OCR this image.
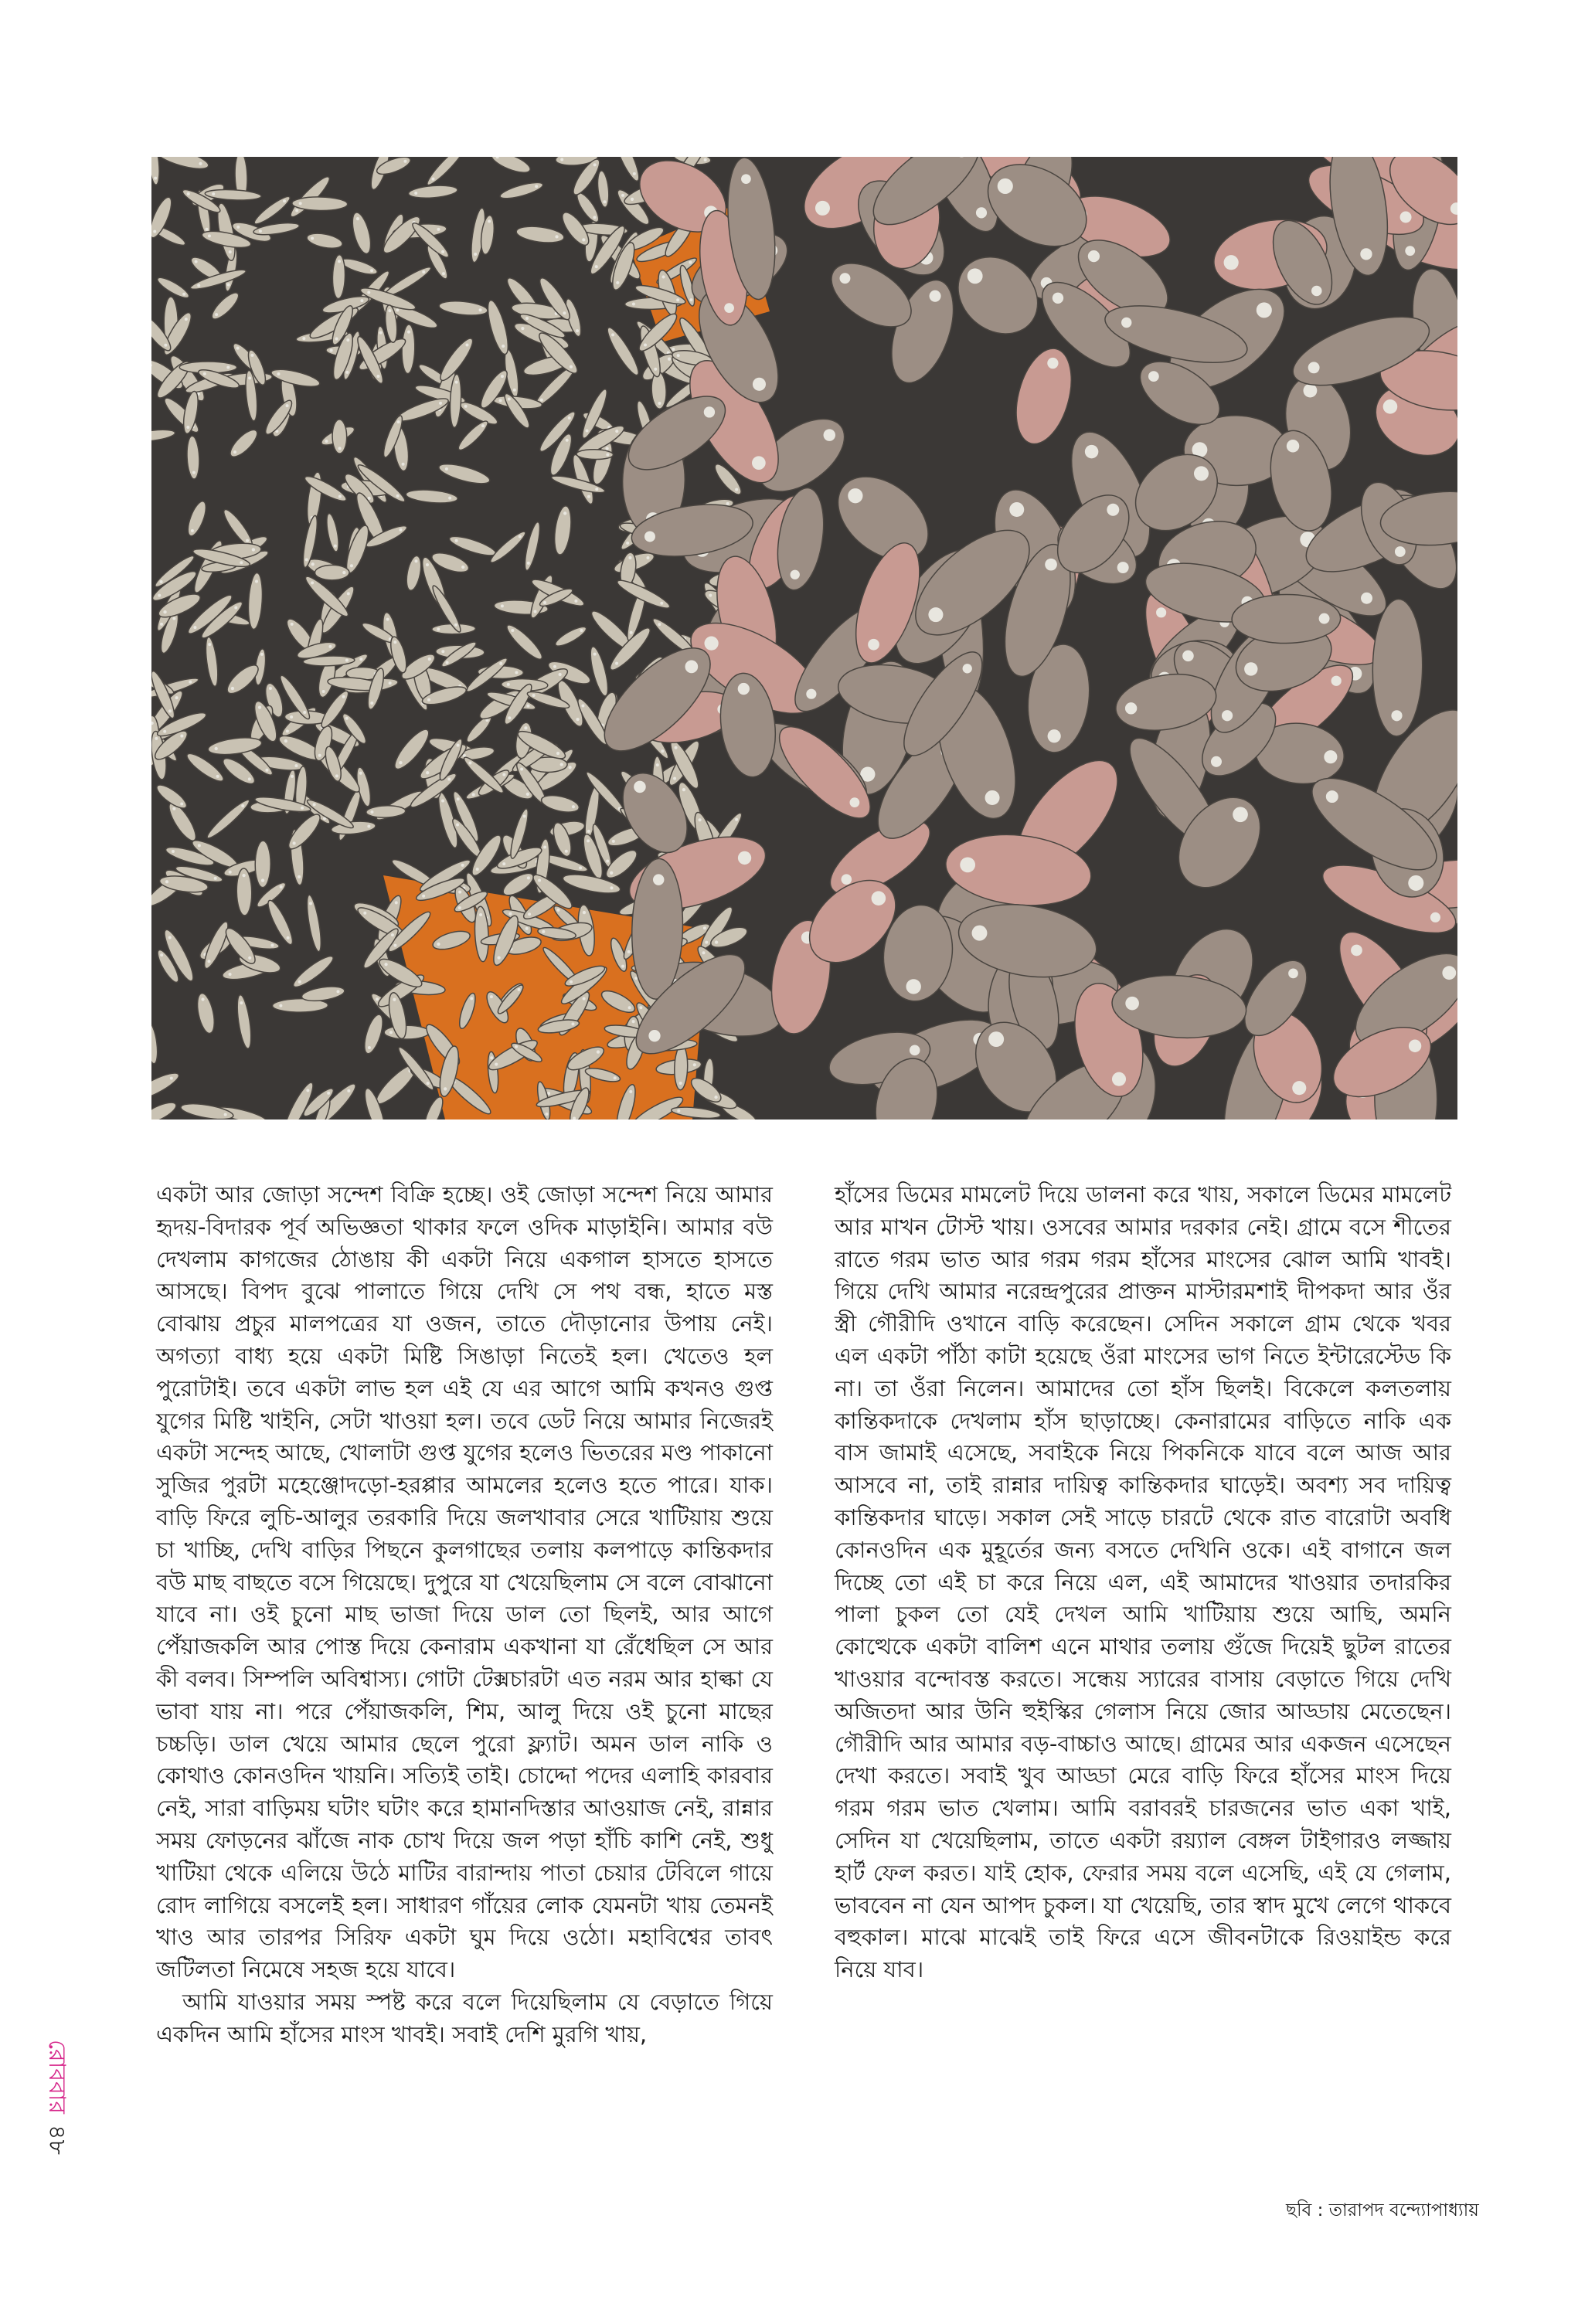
একটা আর জোড়া সন্দেশ বিক্রি হচ্ছে। ওই জোড়া সন্দেশ নিয়ে আমার হৃদয়-বিদারক পূর্ব অভিজ্ঞতা থাকার ফলে ওদিক মাড়াইনি। আমার বউ দেখলাম কাগজের ঠোঙায় কী একটা নিয়ে একগাল হাসতে হাসতে আসছে। বিপদ বুঝে পালাতে গিয়ে দেখি সে পথ বন্ধ, হাতে মস্ত বোঝায় প্রচুর মালপত্রের যা ওজন, তাতে দৌড়ানোর উপায় নেই। অগত্যা বাধ্য হয়ে একটা মিষ্টি সিঙাড়া নিতেই হল। খেতেও হল পুরোটাই। তবে একটা লাভ হল এই যে এর আগে আমি কখনও গুপ্ত যুগের মিষ্টি খাইনি, সেটা খাওয়া হল। তবে ডেট নিয়ে আমার নিজেরই একটা সন্দেহ আছে, খোলাটা গুপ্ত যুগের হলেও ভিতরের মণ্ড পাকানো সুজির পুরটা মহেঞ্জোদড়ো-হরপ্পার আমলের হলেও হতে পারে। যাক। বাড়ি ফিরে লুচি-আলুর তরকারি দিয়ে জলখাবার সেরে খাটিয়ায় শুয়ে চা খাচ্ছি, দেখি বাড়ির পিছনে কুলগাছের তলায় কলপাড়ে কান্তিকদার বউ মাছ বাছতে বসে গিয়েছে। দুপুরে যা খেয়েছিলাম সে বলে বোঝানো যাবে না। ওই চুনো মাছ ভাজা দিয়ে ডাল তো ছিলই, আর আগে পেঁয়াজকলি আর পোস্ত দিয়ে কেনারাম একখানা যা রেঁধেছিল সে আর কী বলব। সিম্পলি অবিশ্বাস্য। গোটা টেক্সচারটা এত নরম আর হাল্কা যে ভাবা যায় না। পরে পেঁয়াজকলি, শিম, আলু দিয়ে ওই চুনো মাছের চচ্চড়ি। ডাল খেয়ে আমার ছেলে পুরো ফ্ল্যাট। অমন ডাল নাকি ও কোথাও কোনওদিন খায়নি। সত্যিই তাই। চোদ্দো পদের এলাহি কারবার নেই, সারা বাড়িময় ঘটাং ঘটাং করে হামানদিস্তার আওয়াজ নেই, রান্নার সময় ফোড়নের ঝাঁজে নাক চোখ দিয়ে জল পড়া হাঁচি কাশি নেই, শুধু খাটিয়া থেকে এলিয়ে উঠে মাটির বারান্দায় পাতা চেয়ার টেবিলে গায়ে রোদ লাগিয়ে বসলেই হল। সাধারণ গাঁয়ের লোক যেমনটা খায় তেমনই খাও আর তারপর সিরিফ একটা ঘুম দিয়ে ওঠো। মহাবিশ্বের তাবৎ জটিলতা নিমেষে সহজ হয়ে যাবে।

আমি যাওয়ার সময় স্পষ্ট করে বলে দিয়েছিলাম যে বেড়াতে গিয়ে একদিন আমি হাঁসের মাংস খাবই। সবাই দেশি মুরগি খায়,

হাঁসের ডিমের মামলেট দিয়ে ডালনা করে খায়, সকালে ডিমের মামলেট আর মাখন টোস্ট খায়। ওসবের আমার দরকার নেই। গ্রামে বসে শীতের রাতে গরম ভাত আর গরম গরম হাঁসের মাংসের ঝোল আমি খাবই। গিয়ে দেখি আমার নরেন্দ্রপুরের প্রাক্তন মাস্টারমশাই দীপকদা আর ওঁর স্ত্রী গৌরীদি ওখানে বাড়ি করেছেন। সেদিন সকালে গ্রাম থেকে খবর এল একটা পাঁঠা কাটা হয়েছে ওঁরা মাংসের ভাগ নিতে ইন্টারেস্টেড কি না। তা ওঁরা নিলেন। আমাদের তো হাঁস ছিলই। বিকেলে কলতলায় কান্তিকদাকে দেখলাম হাঁস ছাড়াচ্ছে। কেনারামের বাড়িতে নাকি এক বাস জামাই এসেছে, সবাইকে নিয়ে পিকনিকে যাবে বলে আজ আর আসবে না, তাই রান্নার দায়িত্ব কান্তিকদার ঘাড়েই। অবশ্য সব দায়িত্ব কান্তিকদার ঘাড়ে। সকাল সেই সাড়ে চারটে থেকে রাত বারোটা অবধি কোনওদিন এক মুহূর্তের জন্য বসতে দেখিনি ওকে। এই বাগানে জল দিচ্ছে তো এই চা করে নিয়ে এল, এই আমাদের খাওয়ার তদারকির পালা চুকল তো যেই দেখল আমি খাটিয়ায় শুয়ে আছি, অমনি কোত্থেকে একটা বালিশ এনে মাথার তলায় গুঁজে দিয়েই ছুটল রাতের খাওয়ার বন্দোবস্ত করতে। সন্ধেয় স্যারের বাসায় বেড়াতে গিয়ে দেখি অজিতদা আর উনি হুইস্কির গেলাস নিয়ে জোর আড্ডায় মেতেছেন। গৌরীদি আর আমার বড়-বাচ্চাও আছে। গ্রামের আর একজন এসেছেন দেখা করতে। সবাই খুব আড্ডা মেরে বাড়ি ফিরে হাঁসের মাংস দিয়ে গরম গরম ভাত খেলাম। আমি বরাবরই চারজনের ভাত একা খাই, সেদিন যা খেয়েছিলাম, তাতে একটা রয়্যাল বেঙ্গল টাইগারও লজ্জায় হার্ট ফেল করত। যাই হোক, ফেরার সময় বলে এসেছি, এই যে গেলাম, ভাববেন না যেন আপদ চুকল। যা খেয়েছি, তার স্বাদ মুখে লেগে থাকবে বহুকাল। মাঝে মাঝেই তাই ফিরে এসে জীবনটাকে রিওয়াইন্ড করে নিয়ে যাব।

ছবি : তারাপদ বন্দ্যোপাধ্যায়
রোববার৪৮
